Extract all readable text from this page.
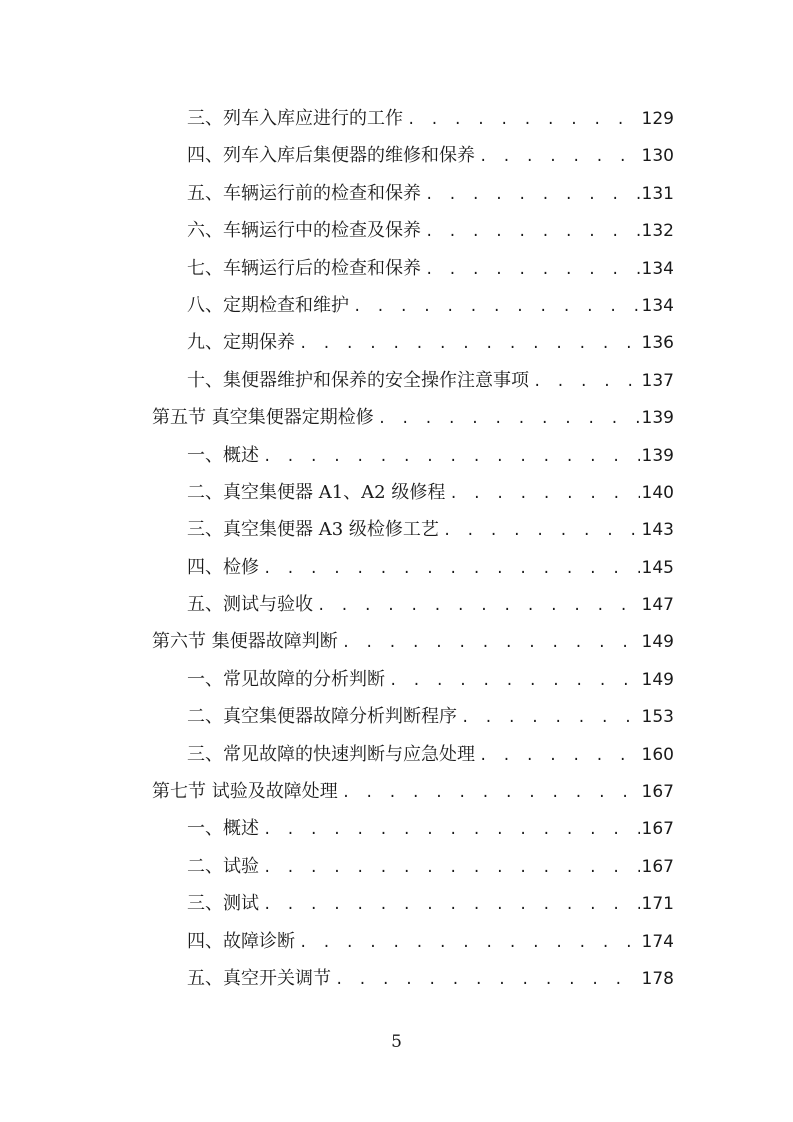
三、列车入库应进行的工作 . . .	129
四、列车入库后集便器的维修和保养 . . .	130
五、车辆运行前的检查和保养 . . .	131
六、车辆运行中的检查及保养 . . .	132
七、车辆运行后的检查和保养 . . .	134
八、定期检查和维护 . . .	134
九、定期保养 . . .	136
十、集便器维护和保养的安全操作注意事项 . . .	137
第五节 真空集便器定期检修 . . .	139
一、概述 . . .	139
二、真空集便器 A1、A2 级修程 . . .	140
三、真空集便器 A3 级检修工艺 . . .	143
四、检修 . . .	145
五、测试与验收 . . .	147
第六节 集便器故障判断 . . .	149
一、常见故障的分析判断 . . .	149
二、真空集便器故障分析判断程序 . . .	153
三、常见故障的快速判断与应急处理 . . .	160
第七节 试验及故障处理 . . .	167
一、概述 . . .	167
二、试验 . . .	167
三、测试 . . .	171
四、故障诊断 . . .	174
五、真空开关调节 . . .	178
5
